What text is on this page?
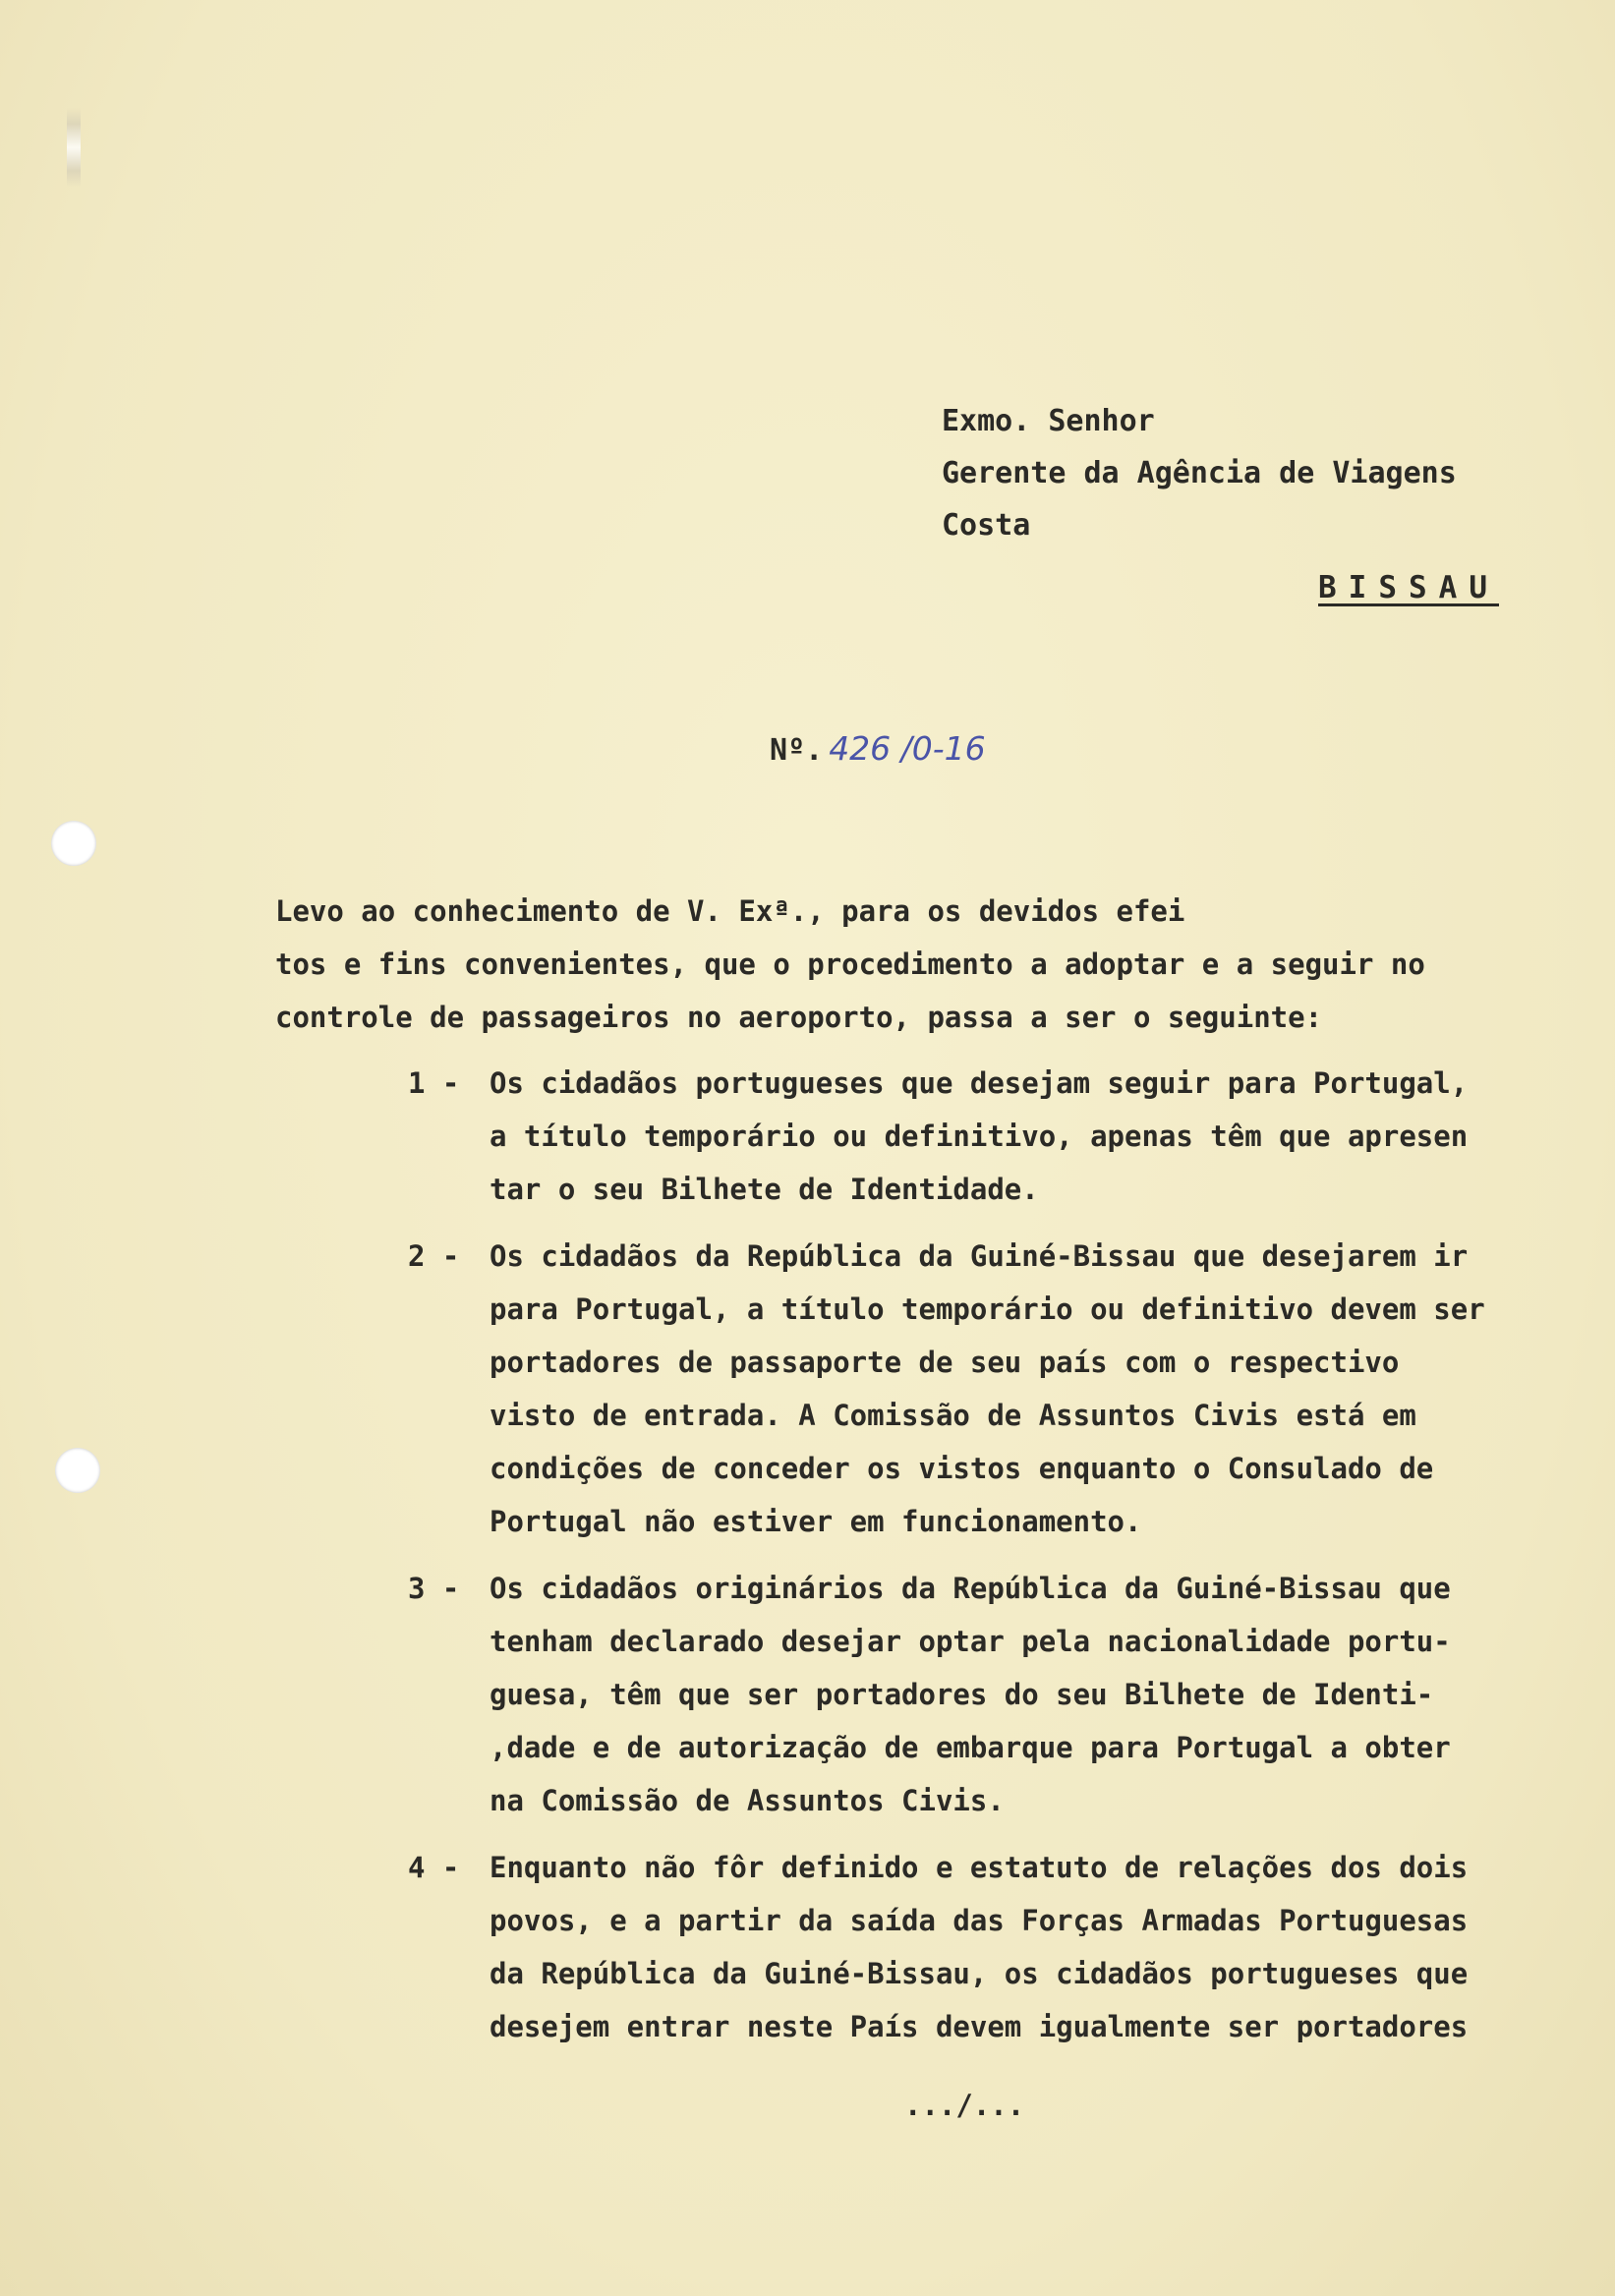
Exmo. Senhor
Gerente da Agência de Viagens
Costa
BISSAU
Nº. 426 /0-16
Levo ao conhecimento de V. Exª., para os devidos efei
tos e fins convenientes, que o procedimento a adoptar e a seguir no
controle de passageiros no aeroporto, passa a ser o seguinte:
1 - Os cidadãos portugueses que desejam seguir para Portugal,
a título temporário ou definitivo, apenas têm que apresen
tar o seu Bilhete de Identidade.
2 - Os cidadãos da República da Guiné-Bissau que desejarem ir
para Portugal, a título temporário ou definitivo devem ser
portadores de passaporte de seu país com o respectivo
visto de entrada. A Comissão de Assuntos Civis está em
condições de conceder os vistos enquanto o Consulado de
Portugal não estiver em funcionamento.
3 - Os cidadãos originários da República da Guiné-Bissau que
tenham declarado desejar optar pela nacionalidade portu-
guesa, têm que ser portadores do seu Bilhete de Identi-
,dade e de autorização de embarque para Portugal a obter
na Comissão de Assuntos Civis.
4 - Enquanto não fôr definido e estatuto de relações dos dois
povos, e a partir da saída das Forças Armadas Portuguesas
da República da Guiné-Bissau, os cidadãos portugueses que
desejem entrar neste País devem igualmente ser portadores
.../...
